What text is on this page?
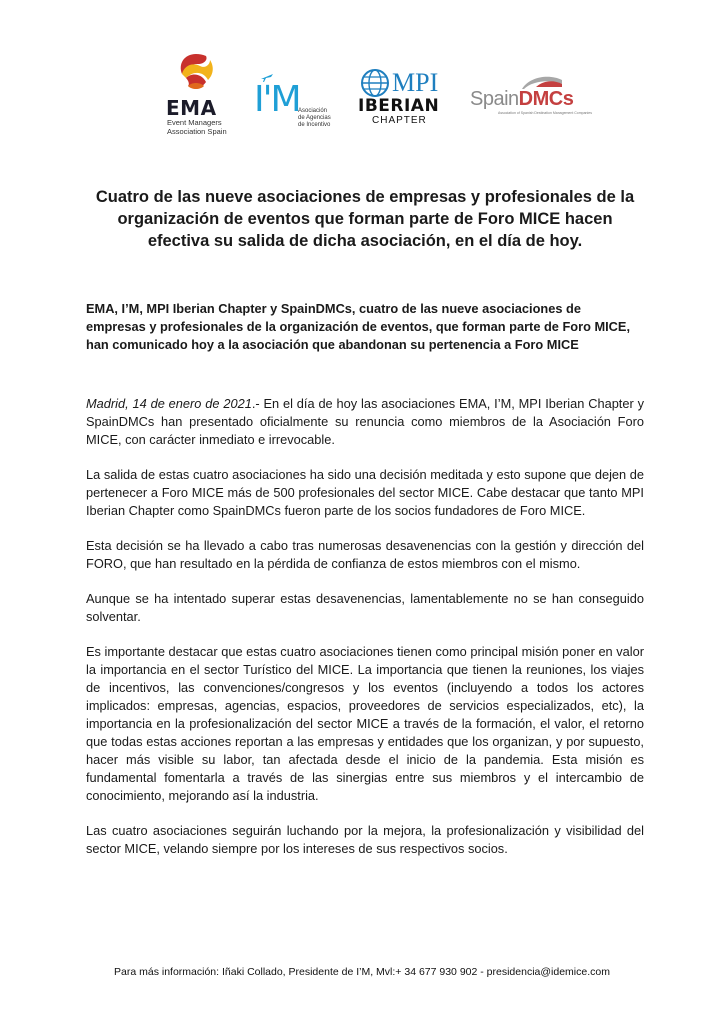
EMA
Event Managers
Association Spain
I'M
Asociación
de Agencias
de Incentivo
MPI
IBERIAN
CHAPTER
SpainDMCs
Association of Spanish Destination Management Companies
Cuatro de las nueve asociaciones de empresas y profesionales de la organización de eventos que forman parte de Foro MICE hacen efectiva su salida de dicha asociación, en el día de hoy.

EMA, I’M, MPI Iberian Chapter y SpainDMCs, cuatro de las nueve asociaciones de empresas y profesionales de la organización de eventos, que forman parte de Foro MICE, han comunicado hoy a la asociación que abandonan su pertenencia a Foro MICE

Madrid, 14 de enero de 2021.- En el día de hoy las asociaciones EMA, I’M, MPI Iberian Chapter y SpainDMCs han presentado oficialmente su renuncia como miembros de la Asociación Foro MICE, con carácter inmediato e irrevocable.

La salida de estas cuatro asociaciones ha sido una decisión meditada y esto supone que dejen de pertenecer a Foro MICE más de 500 profesionales del sector MICE. Cabe destacar que tanto MPI Iberian Chapter como SpainDMCs fueron parte de los socios fundadores de Foro MICE.

Esta decisión se ha llevado a cabo tras numerosas desavenencias con la gestión y dirección del FORO, que han resultado en la pérdida de confianza de estos miembros con el mismo.

Aunque se ha intentado superar estas desavenencias, lamentablemente no se han conseguido solventar.

Es importante destacar que estas cuatro asociaciones tienen como principal misión poner en valor la importancia en el sector Turístico del MICE. La importancia que tienen la reuniones, los viajes de incentivos, las convenciones/congresos y los eventos (incluyendo a todos los actores implicados: empresas, agencias, espacios, proveedores de servicios especializados, etc), la importancia en la profesionalización del sector MICE a través de la formación, el valor, el retorno que todas estas acciones reportan a las empresas y entidades que los organizan, y por supuesto, hacer más visible su labor, tan afectada desde el inicio de la pandemia. Esta misión es fundamental fomentarla a través de las sinergias entre sus miembros y el intercambio de conocimiento, mejorando así la industria.

Las cuatro asociaciones seguirán luchando por la mejora, la profesionalización y visibilidad del sector MICE, velando siempre por los intereses de sus respectivos socios.

Para más información: Iñaki Collado, Presidente de I’M, Mvl:+ 34 677 930 902 - presidencia@idemice.com
